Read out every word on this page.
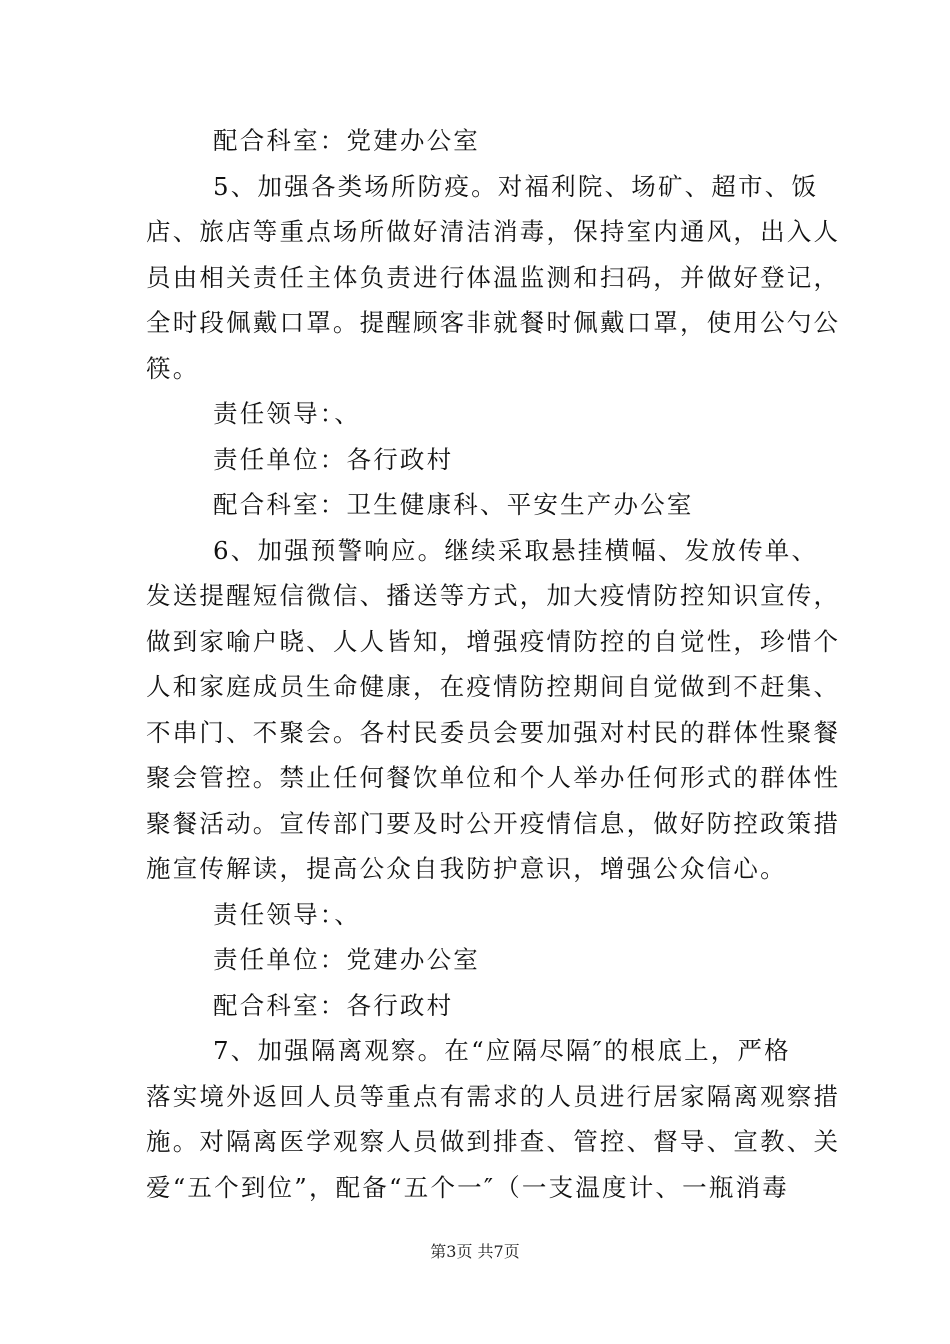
配合科室：党建办公室
5、加强各类场所防疫。对福利院、场矿、超市、饭
店、旅店等重点场所做好清洁消毒，保持室内通风，出入人
员由相关责任主体负责进行体温监测和扫码，并做好登记，
全时段佩戴口罩。提醒顾客非就餐时佩戴口罩，使用公勺公
筷。
责任领导：、
责任单位：各行政村
配合科室：卫生健康科、平安生产办公室
6、加强预警响应。继续采取悬挂横幅、发放传单、
发送提醒短信微信、播送等方式，加大疫情防控知识宣传，
做到家喻户晓、人人皆知，增强疫情防控的自觉性，珍惜个
人和家庭成员生命健康，在疫情防控期间自觉做到不赶集、
不串门、不聚会。各村民委员会要加强对村民的群体性聚餐
聚会管控。禁止任何餐饮单位和个人举办任何形式的群体性
聚餐活动。宣传部门要及时公开疫情信息，做好防控政策措
施宣传解读，提高公众自我防护意识，增强公众信心。
责任领导：、
责任单位：党建办公室
配合科室：各行政村
7、加强隔离观察。在“应隔尽隔″的根底上，严格
落实境外返回人员等重点有需求的人员进行居家隔离观察措
施。对隔离医学观察人员做到排查、管控、督导、宣教、关
爱“五个到位”，配备“五个一″（一支温度计、一瓶消毒
第3页 共7页
